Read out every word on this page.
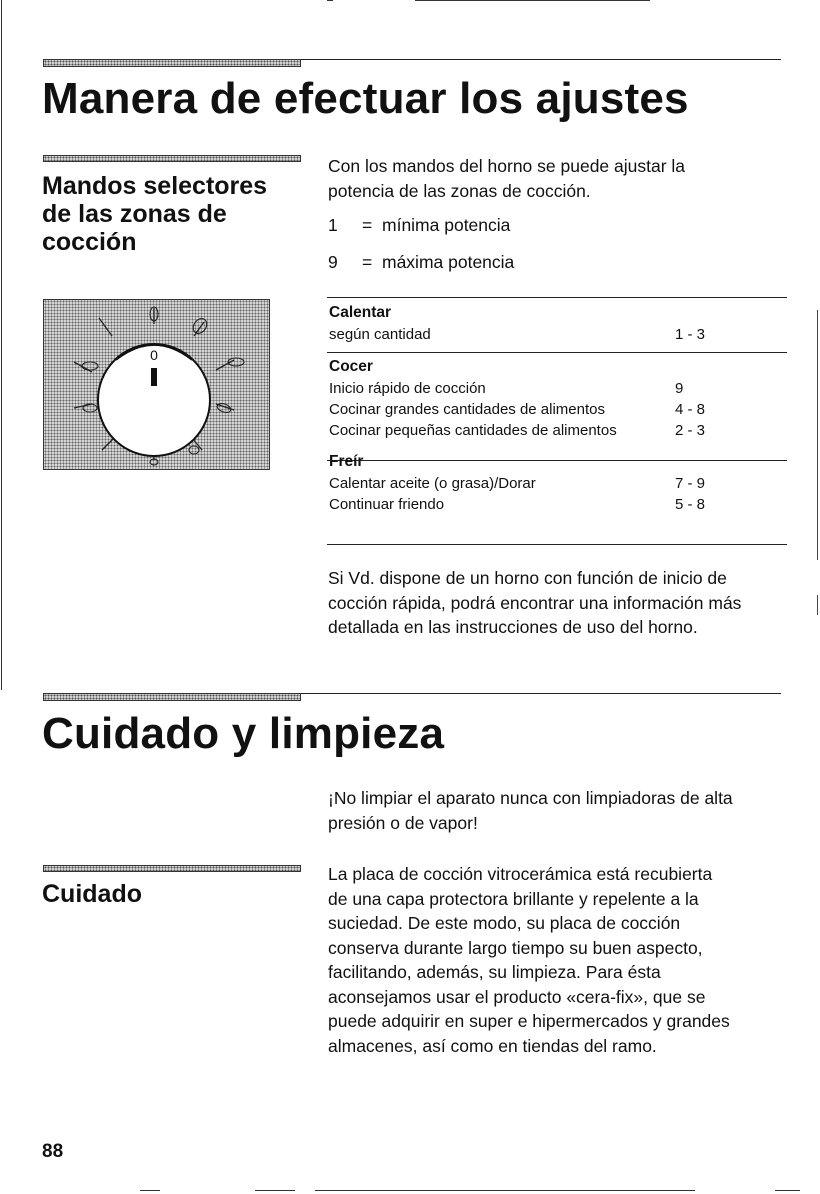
Manera de efectuar los ajustes
Mandos selectores
de las zonas de
cocción
Con los mandos del horno se puede ajustar la
potencia de las zonas de cocción.
1 = mínima potencia
9 = máxima potencia
0
Calentar
según cantidad	1 - 3
Cocer
Inicio rápido de cocción	9
Cocinar grandes cantidades de alimentos	4 - 8
Cocinar pequeñas cantidades de alimentos	2 - 3
Freír
Calentar aceite (o grasa)/Dorar	7 - 9
Continuar friendo	5 - 8
Si Vd. dispone de un horno con función de inicio de
cocción rápida, podrá encontrar una información más
detallada en las instrucciones de uso del horno.
Cuidado y limpieza
¡No limpiar el aparato nunca con limpiadoras de alta
presión o de vapor!
Cuidado
La placa de cocción vitrocerámica está recubierta
de una capa protectora brillante y repelente a la
suciedad. De este modo, su placa de cocción
conserva durante largo tiempo su buen aspecto,
facilitando, además, su limpieza. Para ésta
aconsejamos usar el producto «cera-fix», que se
puede adquirir en super e hipermercados y grandes
almacenes, así como en tiendas del ramo.
88
